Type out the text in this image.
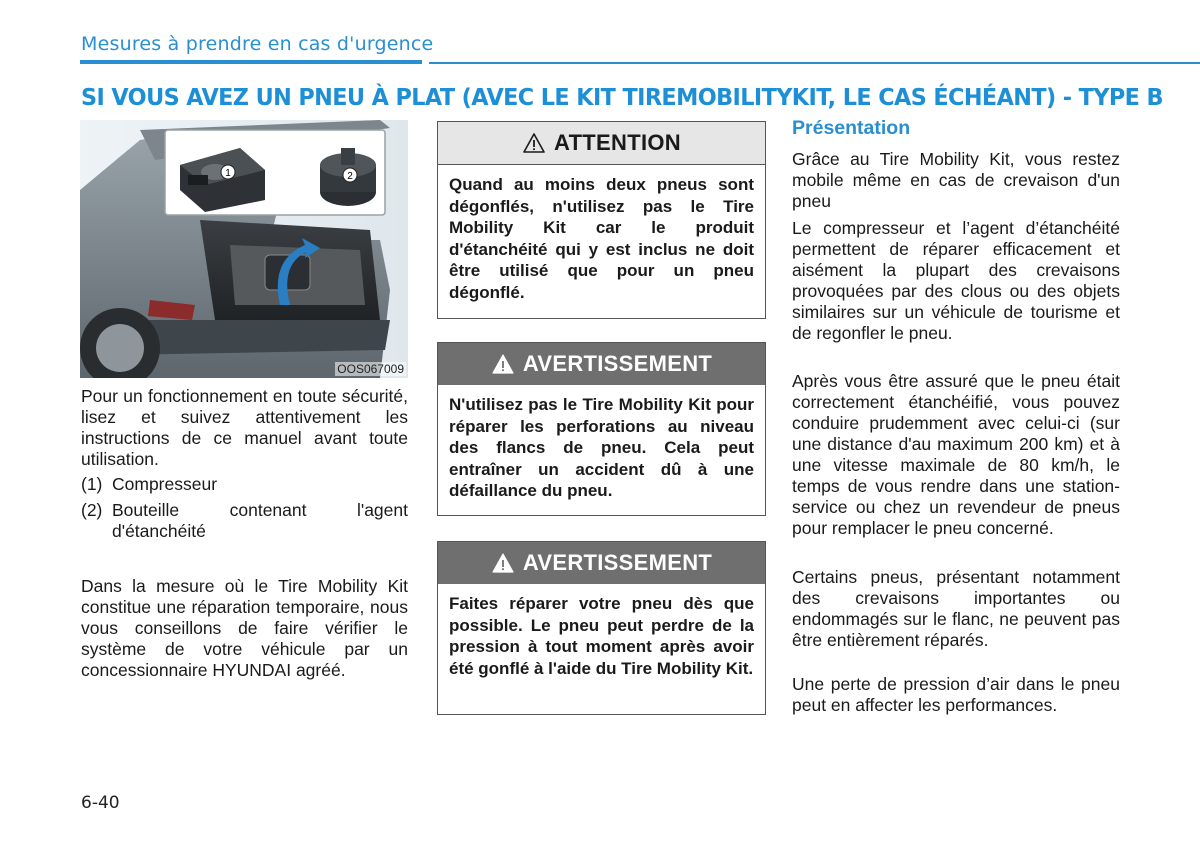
Mesures à prendre en cas d'urgence
SI VOUS AVEZ UN PNEU À PLAT (AVEC LE KIT TIREMOBILITYKIT, LE CAS ÉCHÉANT) - TYPE B
1	2
OOS067009
Pour un fonctionnement en toute sécurité, lisez et suivez attentivement les instructions de ce manuel avant toute utilisation.
(1) Compresseur
(2) Bouteille contenant l'agent d'étanchéité
Dans la mesure où le Tire Mobility Kit constitue une réparation temporaire, nous vous conseillons de faire vérifier le système de votre véhicule par un concessionnaire HYUNDAI agréé.
ATTENTION
Quand au moins deux pneus sont dégonflés, n'utilisez pas le Tire Mobility Kit car le produit d'étanchéité qui y est inclus ne doit être utilisé que pour un pneu dégonflé.
AVERTISSEMENT
N'utilisez pas le Tire Mobility Kit pour réparer les perforations au niveau des flancs de pneu. Cela peut entraîner un accident dû à une défaillance du pneu.
AVERTISSEMENT
Faites réparer votre pneu dès que possible. Le pneu peut perdre de la pression à tout moment après avoir été gonflé à l'aide du Tire Mobility Kit.
Présentation
Grâce au Tire Mobility Kit, vous restez mobile même en cas de crevaison d'un pneu
Le compresseur et l’agent d’étanchéité permettent de réparer efficacement et aisément la plupart des crevaisons provoquées par des clous ou des objets similaires sur un véhicule de tourisme et de regonfler le pneu.
Après vous être assuré que le pneu était correctement étanchéifié, vous pouvez conduire prudemment avec celui-ci (sur une distance d'au maximum 200 km) et à une vitesse maximale de 80 km/h, le temps de vous rendre dans une station-service ou chez un revendeur de pneus pour remplacer le pneu concerné.
Certains pneus, présentant notamment des crevaisons importantes ou endommagés sur le flanc, ne peuvent pas être entièrement réparés.
Une perte de pression d’air dans le pneu peut en affecter les performances.
6-40
